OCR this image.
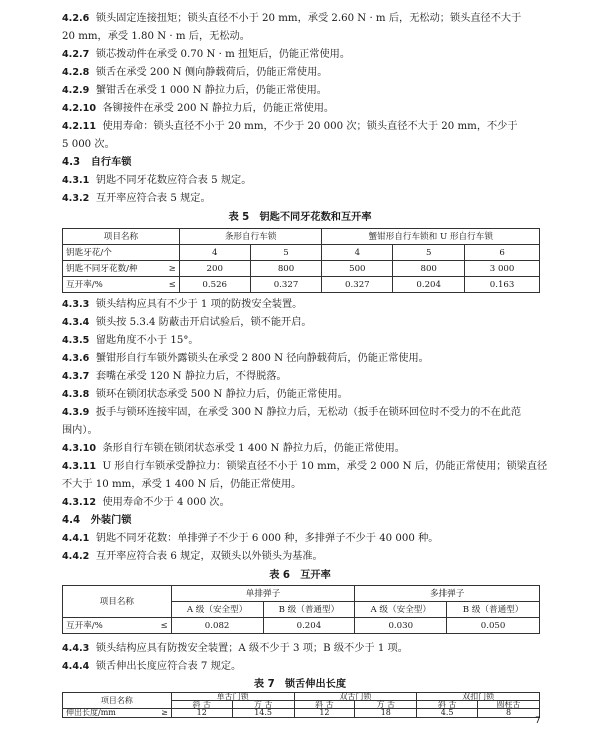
4.2.6 锁头固定连接扭矩；锁头直径不小于 20 mm，承受 2.60 N · m 后，无松动；锁头直径不大于
20 mm，承受 1.80 N · m 后，无松动。
4.2.7 锁芯拨动件在承受 0.70 N · m 扭矩后，仍能正常使用。
4.2.8 锁舌在承受 200 N 侧向静载荷后，仍能正常使用。
4.2.9 蟹钳舌在承受 1 000 N 静拉力后，仍能正常使用。
4.2.10 各铆接件在承受 200 N 静拉力后，仍能正常使用。
4.2.11 使用寿命：锁头直径不小于 20 mm，不少于 20 000 次；锁头直径不大于 20 mm，不少于
5 000 次。
4.3 自行车锁
4.3.1 钥匙不同牙花数应符合表 5 规定。
4.3.2 互开率应符合表 5 规定。
表 5　钥匙不同牙花数和互开率
项目名称		条形自行车锁		蟹钳形自行车锁和 U 形自行车锁		
钥匙牙花/个		4	5	4	5	6
钥匙不同牙花数/种	≥	200	800	500	800	3 000
互开率/%	≤	0.526	0.327	0.327	0.204	0.163
4.3.3 锁头结构应具有不少于 1 项的防拨安全装置。
4.3.4 锁头按 5.3.4 防蔽击开启试验后，锁不能开启。
4.3.5 留匙角度不小于 15°。
4.3.6 蟹钳形自行车锁外露锁头在承受 2 800 N 径向静载荷后，仍能正常使用。
4.3.7 套嘴在承受 120 N 静拉力后，不得脱落。
4.3.8 锁环在锁闭状态承受 500 N 静拉力后，仍能正常使用。
4.3.9 扳手与锁环连接牢固，在承受 300 N 静拉力后，无松动（扳手在锁环回位时不受力的不在此范
围内）。
4.3.10 条形自行车锁在锁闭状态承受 1 400 N 静拉力后，仍能正常使用。
4.3.11 U 形自行车锁承受静拉力：锁梁直径不小于 10 mm，承受 2 000 N 后，仍能正常使用；锁梁直径
不大于 10 mm，承受 1 400 N 后，仍能正常使用。
4.3.12 使用寿命不少于 4 000 次。
4.4 外装门锁
4.4.1 钥匙不同牙花数：单排弹子不少于 6 000 种，多排弹子不少于 40 000 种。
4.4.2 互开率应符合表 6 规定，双锁头以外锁头为基准。
表 6　互开率
项目名称		单排弹子		多排弹子	
		A 级（安全型）	B 级（普通型）	A 级（安全型）	B 级（普通型）
互开率/%	≤	0.082	0.204	0.030	0.050
4.4.3 锁头结构应具有防拨安全装置；A 级不少于 3 项；B 级不少于 1 项。
4.4.4 锁舌伸出长度应符合表 7 规定。
表 7　锁舌伸出长度
项目名称		单舌门锁		双舌门锁		双扣门锁	
		斜 舌	方 舌	斜 舌	方 舌	斜 舌	圆柱舌
伸出长度/mm	≥	12	14.5	12	18	4.5	8
7
